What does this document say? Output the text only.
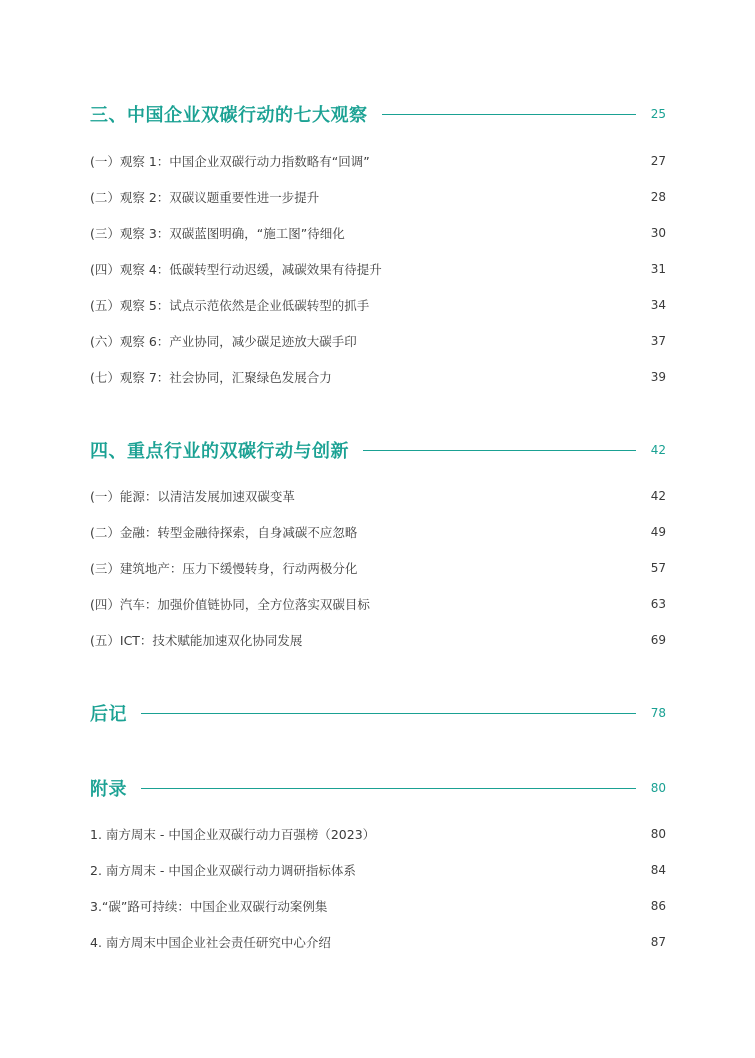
三、中国企业双碳行动的七大观察	25
(一）观察 1：中国企业双碳行动力指数略有“回调”	27
(二）观察 2：双碳议题重要性进一步提升	28
(三）观察 3：双碳蓝图明确，“施工图”待细化	30
(四）观察 4：低碳转型行动迟缓，减碳效果有待提升	31
(五）观察 5：试点示范依然是企业低碳转型的抓手	34
(六）观察 6：产业协同，减少碳足迹放大碳手印	37
(七）观察 7：社会协同，汇聚绿色发展合力	39
四、重点行业的双碳行动与创新	42
(一）能源：以清洁发展加速双碳变革	42
(二）金融：转型金融待探索，自身减碳不应忽略	49
(三）建筑地产：压力下缓慢转身，行动两极分化	57
(四）汽车：加强价值链协同，全方位落实双碳目标	63
(五）ICT：技术赋能加速双化协同发展	69
后记	78
附录	80
1. 南方周末 - 中国企业双碳行动力百强榜（2023）	80
2. 南方周末 - 中国企业双碳行动力调研指标体系	84
3.“碳”路可持续：中国企业双碳行动案例集	86
4. 南方周末中国企业社会责任研究中心介绍	87
